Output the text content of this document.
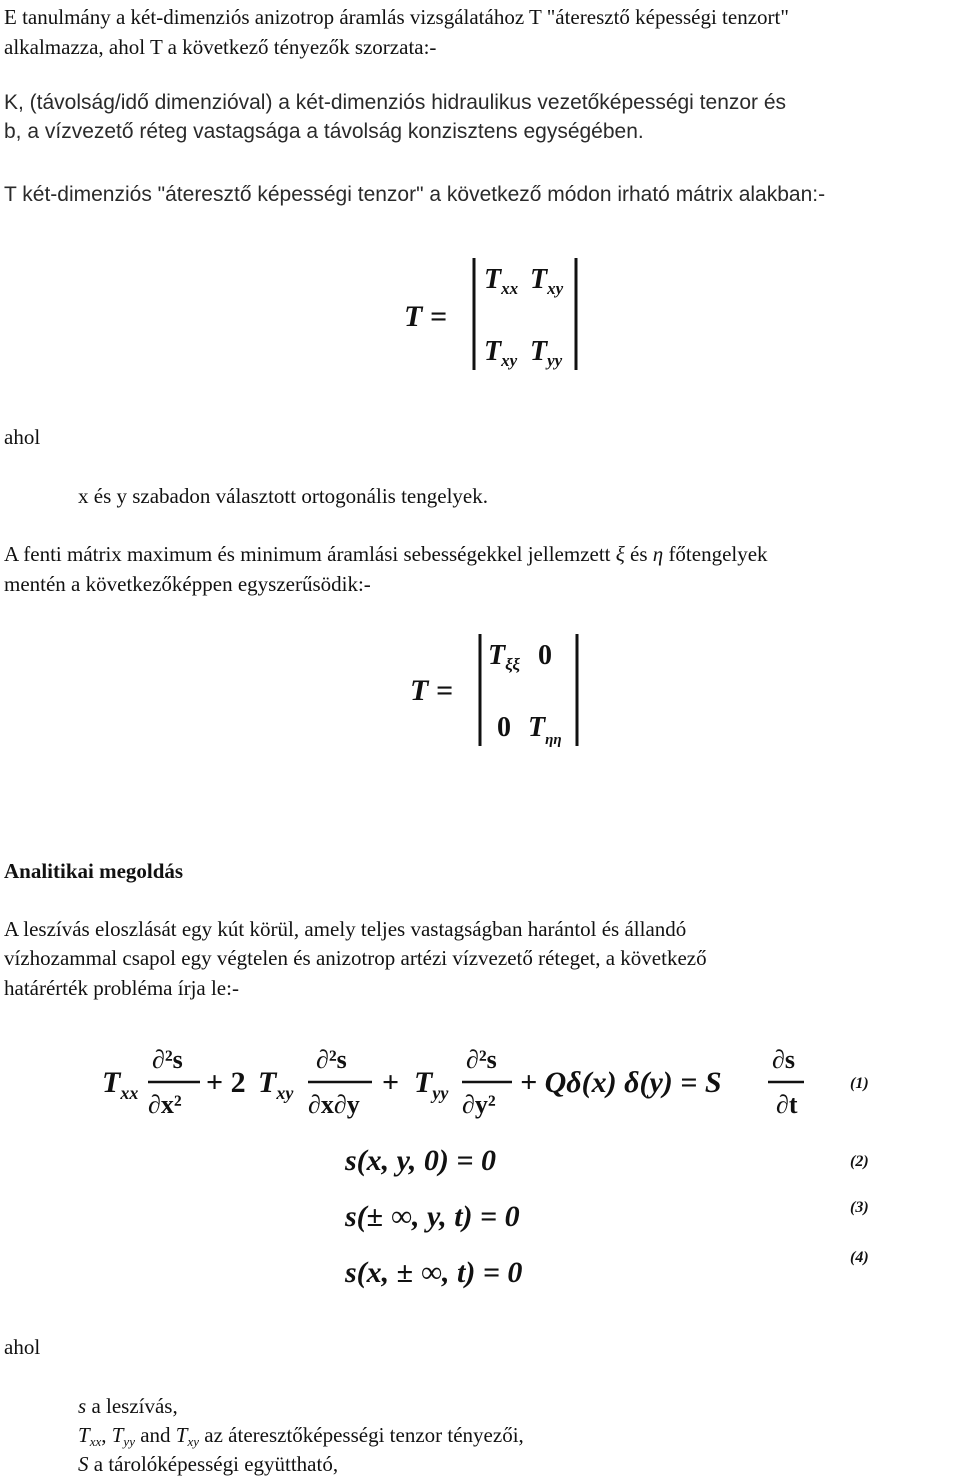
E tanulmány a két-dimenziós anizotrop áramlás vizsgálatához T "áteresztő képességi tenzort"
alkalmazza, ahol T a következő tényezők szorzata:-
K, (távolság/idő dimenzióval) a két-dimenziós hidraulikus vezetőképességi tenzor és
b, a vízvezető réteg vastagsága a távolság konzisztens egységében.
T két-dimenziós "áteresztő képességi tenzor" a következő módon irható mátrix alakban:-
T =
$T_{xx}$ $T_{xy}$
$T_{xy}$ $T_{yy}$
T =
$T_{\xi\xi}$ 0
0 $T_{\eta\eta}$
$T_{xx}$
∂²s
∂x²
+ 2 $T_{xy}$
∂²s
∂x∂y
+ $T_{yy}$
∂²s
∂y²
+ Qδ(x) δ(y) = S
∂s
∂t
(1)
s(x, y, 0) = 0	(2)
s(± ∞, y, t) = 0	(3)
s(x, ± ∞, t) = 0	(4)
ahol
x és y szabadon választott ortogonális tengelyek.
A fenti mátrix maximum és minimum áramlási sebességekkel jellemzett ξ és η főtengelyek
mentén a következőképpen egyszerűsödik:-
Analitikai megoldás
A leszívás eloszlását egy kút körül, amely teljes vastagságban harántol és állandó
vízhozammal csapol egy végtelen és anizotrop artézi vízvezető réteget, a következő
határérték probléma írja le:-
ahol
s a leszívás,
$T_{xx}$, $T_{yy}$ and $T_{xy}$ az áteresztőképességi tenzor tényezői,
S a tárolóképességi együttható,
